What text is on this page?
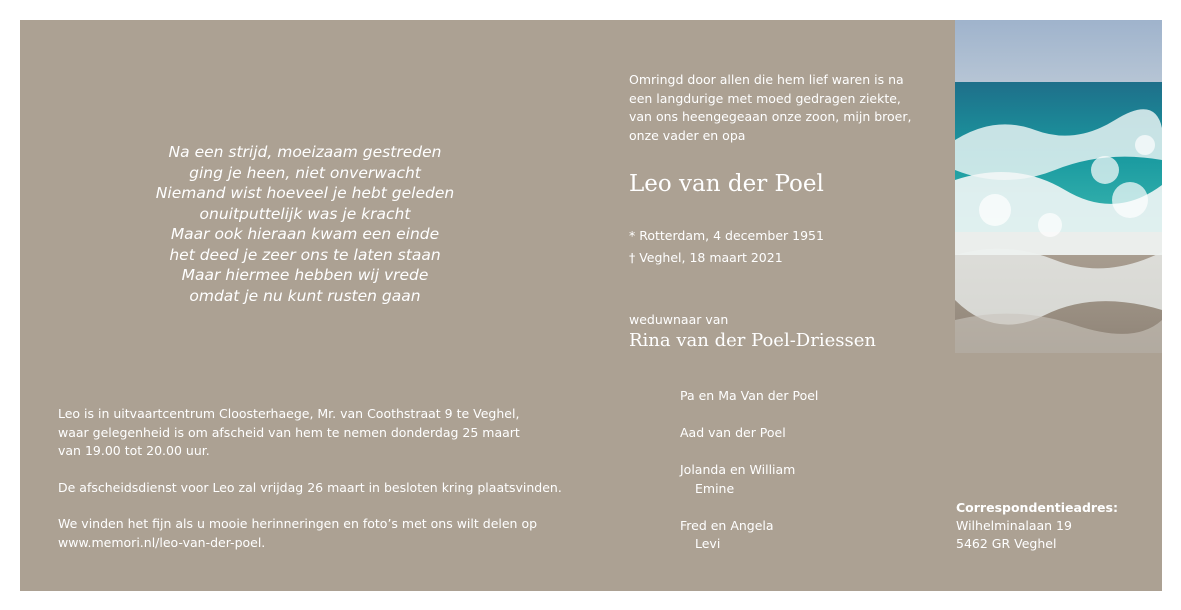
Na een strijd, moeizaam gestreden
ging je heen, niet onverwacht
Niemand wist hoeveel je hebt geleden
onuitputtelijk was je kracht
Maar ook hieraan kwam een einde
het deed je zeer ons te laten staan
Maar hiermee hebben wij vrede
omdat je nu kunt rusten gaan

Leo is in uitvaartcentrum Cloosterhaege, Mr. van Coothstraat 9 te Veghel,
waar gelegenheid is om afscheid van hem te nemen donderdag 25 maart
van 19.00 tot 20.00 uur.

De afscheidsdienst voor Leo zal vrijdag 26 maart in besloten kring plaatsvinden.

We vinden het fijn als u mooie herinneringen en foto’s met ons wilt delen op
www.memori.nl/leo-van-der-poel.

Omringd door allen die hem lief waren is na
een langdurige met moed gedragen ziekte,
van ons heengegeaan onze zoon, mijn broer,
onze vader en opa
Leo van der Poel
* Rotterdam, 4 december 1951
† Veghel, 18 maart 2021
weduwnaar van
Rina van der Poel-Driessen
Pa en Ma Van der Poel
Aad van der Poel
Jolanda en William
Emine
Fred en Angela
Levi
Correspondentieadres:
Wilhelminalaan 19
5462 GR Veghel
